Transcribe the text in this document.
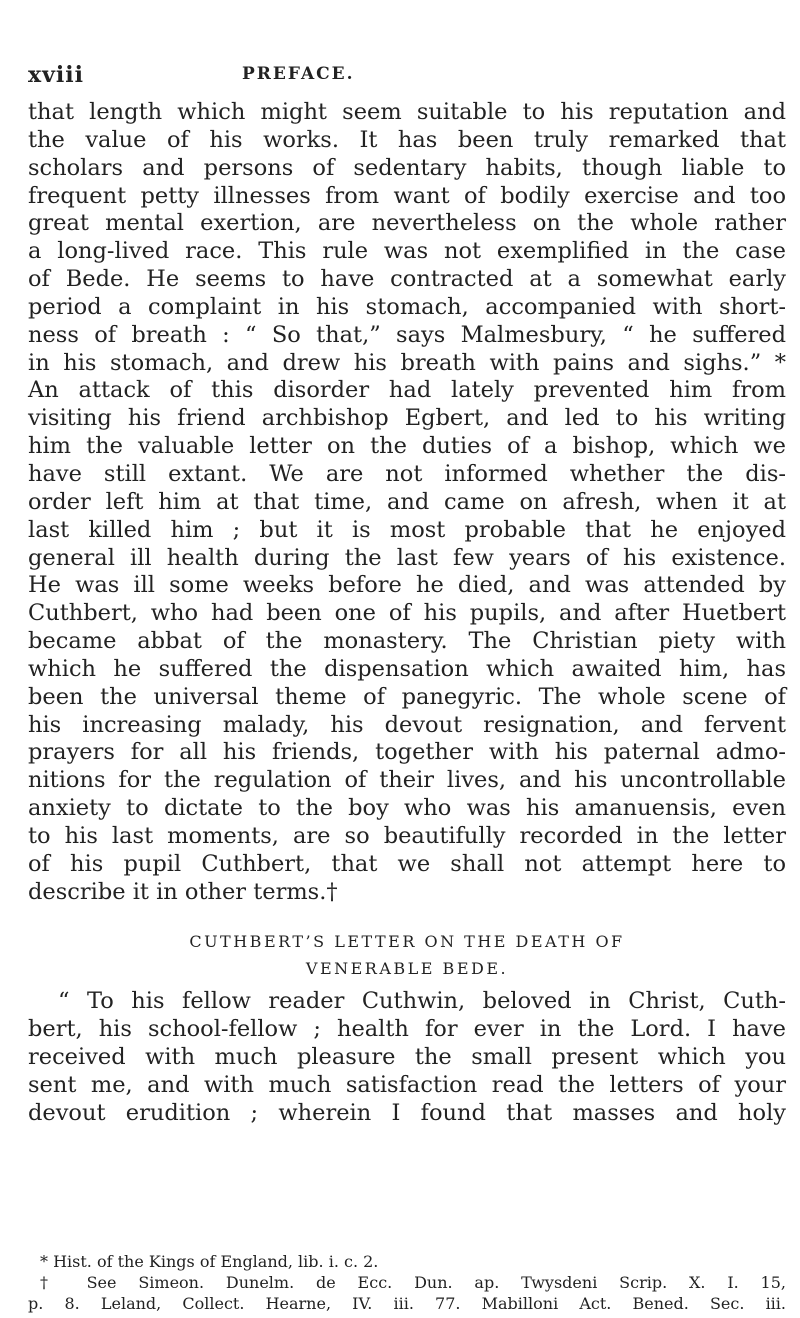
xviii	PREFACE.
that length which might seem suitable to his reputation and
the value of his works. It has been truly remarked that
scholars and persons of sedentary habits, though liable to
frequent petty illnesses from want of bodily exercise and too
great mental exertion, are nevertheless on the whole rather
a long-lived race. This rule was not exemplified in the case
of Bede. He seems to have contracted at a somewhat early
period a complaint in his stomach, accompanied with short-
ness of breath : “ So that,” says Malmesbury, “ he suffered
in his stomach, and drew his breath with pains and sighs.” *
An attack of this disorder had lately prevented him from
visiting his friend archbishop Egbert, and led to his writing
him the valuable letter on the duties of a bishop, which we
have still extant. We are not informed whether the dis-
order left him at that time, and came on afresh, when it at
last killed him ; but it is most probable that he enjoyed
general ill health during the last few years of his existence.
He was ill some weeks before he died, and was attended by
Cuthbert, who had been one of his pupils, and after Huetbert
became abbat of the monastery. The Christian piety with
which he suffered the dispensation which awaited him, has
been the universal theme of panegyric. The whole scene of
his increasing malady, his devout resignation, and fervent
prayers for all his friends, together with his paternal admo-
nitions for the regulation of their lives, and his uncontrollable
anxiety to dictate to the boy who was his amanuensis, even
to his last moments, are so beautifully recorded in the letter
of his pupil Cuthbert, that we shall not attempt here to
describe it in other terms.†
CUTHBERT’S LETTER ON THE DEATH OF
VENERABLE BEDE.
“ To his fellow reader Cuthwin, beloved in Christ, Cuth-
bert, his school-fellow ; health for ever in the Lord. I have
received with much pleasure the small present which you
sent me, and with much satisfaction read the letters of your
devout erudition ; wherein I found that masses and holy
* Hist. of the Kings of England, lib. i. c. 2.
† See Simeon. Dunelm. de Ecc. Dun. ap. Twysdeni Scrip. X. I. 15,
p. 8. Leland, Collect. Hearne, IV. iii. 77. Mabilloni Act. Bened. Sec. iii.
